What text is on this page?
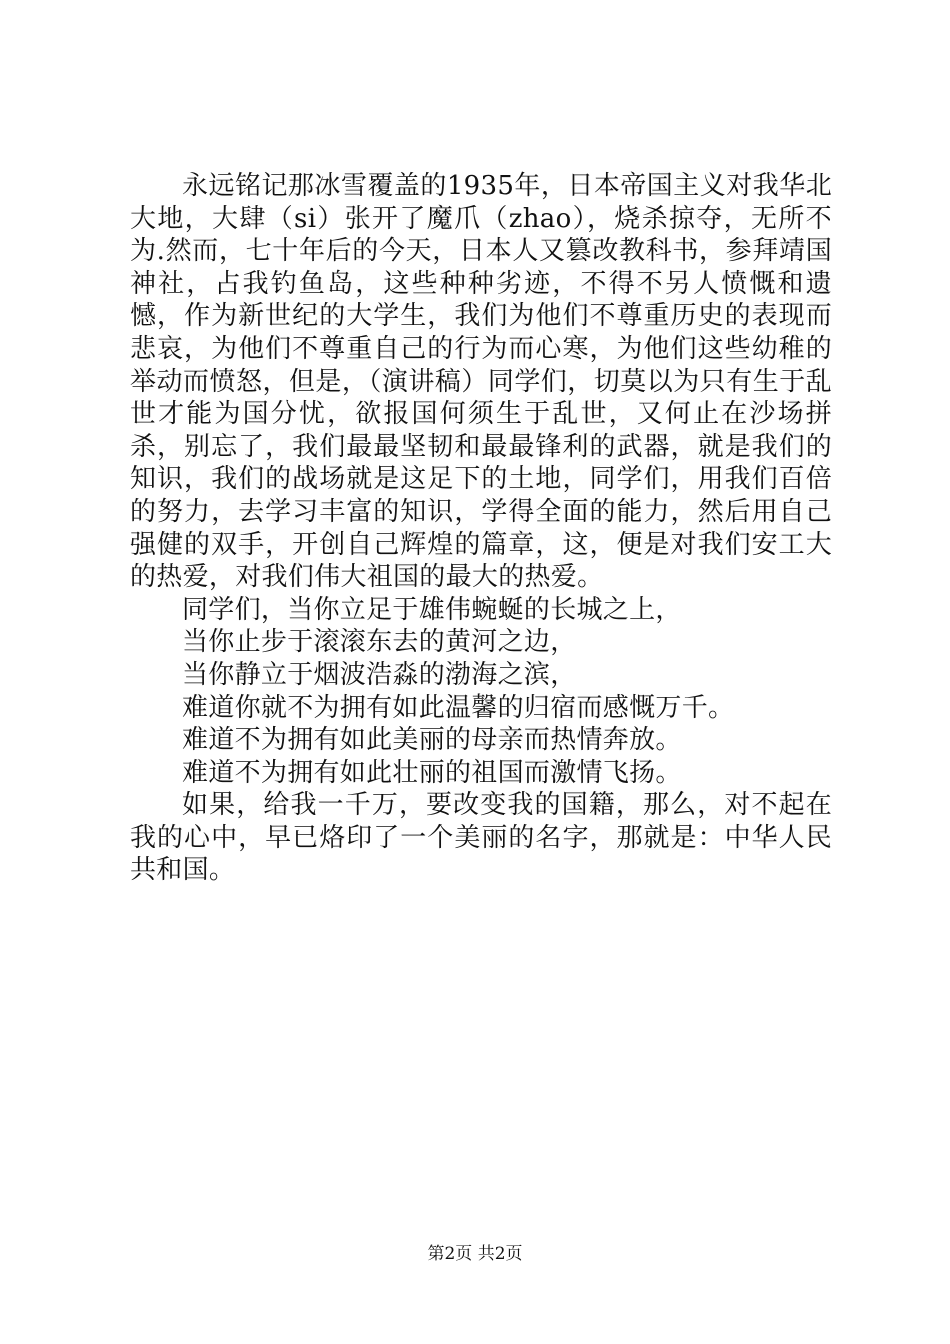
永远铭记那冰雪覆盖的1935年，日本帝国主义对我华北大地，大肆（si）张开了魔爪（zhao），烧杀掠夺，无所不为.然而，七十年后的今天，日本人又篡改教科书，参拜靖国神社，占我钓鱼岛，这些种种劣迹，不得不另人愤慨和遗憾，作为新世纪的大学生，我们为他们不尊重历史的表现而悲哀，为他们不尊重自己的行为而心寒，为他们这些幼稚的举动而愤怒，但是，（演讲稿）同学们，切莫以为只有生于乱世才能为国分忧，欲报国何须生于乱世，又何止在沙场拼杀，别忘了，我们最最坚韧和最最锋利的武器，就是我们的知识，我们的战场就是这足下的土地，同学们，用我们百倍的努力，去学习丰富的知识，学得全面的能力，然后用自己强健的双手，开创自己辉煌的篇章，这，便是对我们安工大的热爱，对我们伟大祖国的最大的热爱。

同学们，当你立足于雄伟蜿蜒的长城之上，

当你止步于滚滚东去的黄河之边，

当你静立于烟波浩淼的渤海之滨，

难道你就不为拥有如此温馨的归宿而感慨万千。

难道不为拥有如此美丽的母亲而热情奔放。

难道不为拥有如此壮丽的祖国而激情飞扬。

如果，给我一千万，要改变我的国籍，那么，对不起在我的心中，早已烙印了一个美丽的名字，那就是：中华人民共和国。

第2页 共2页
